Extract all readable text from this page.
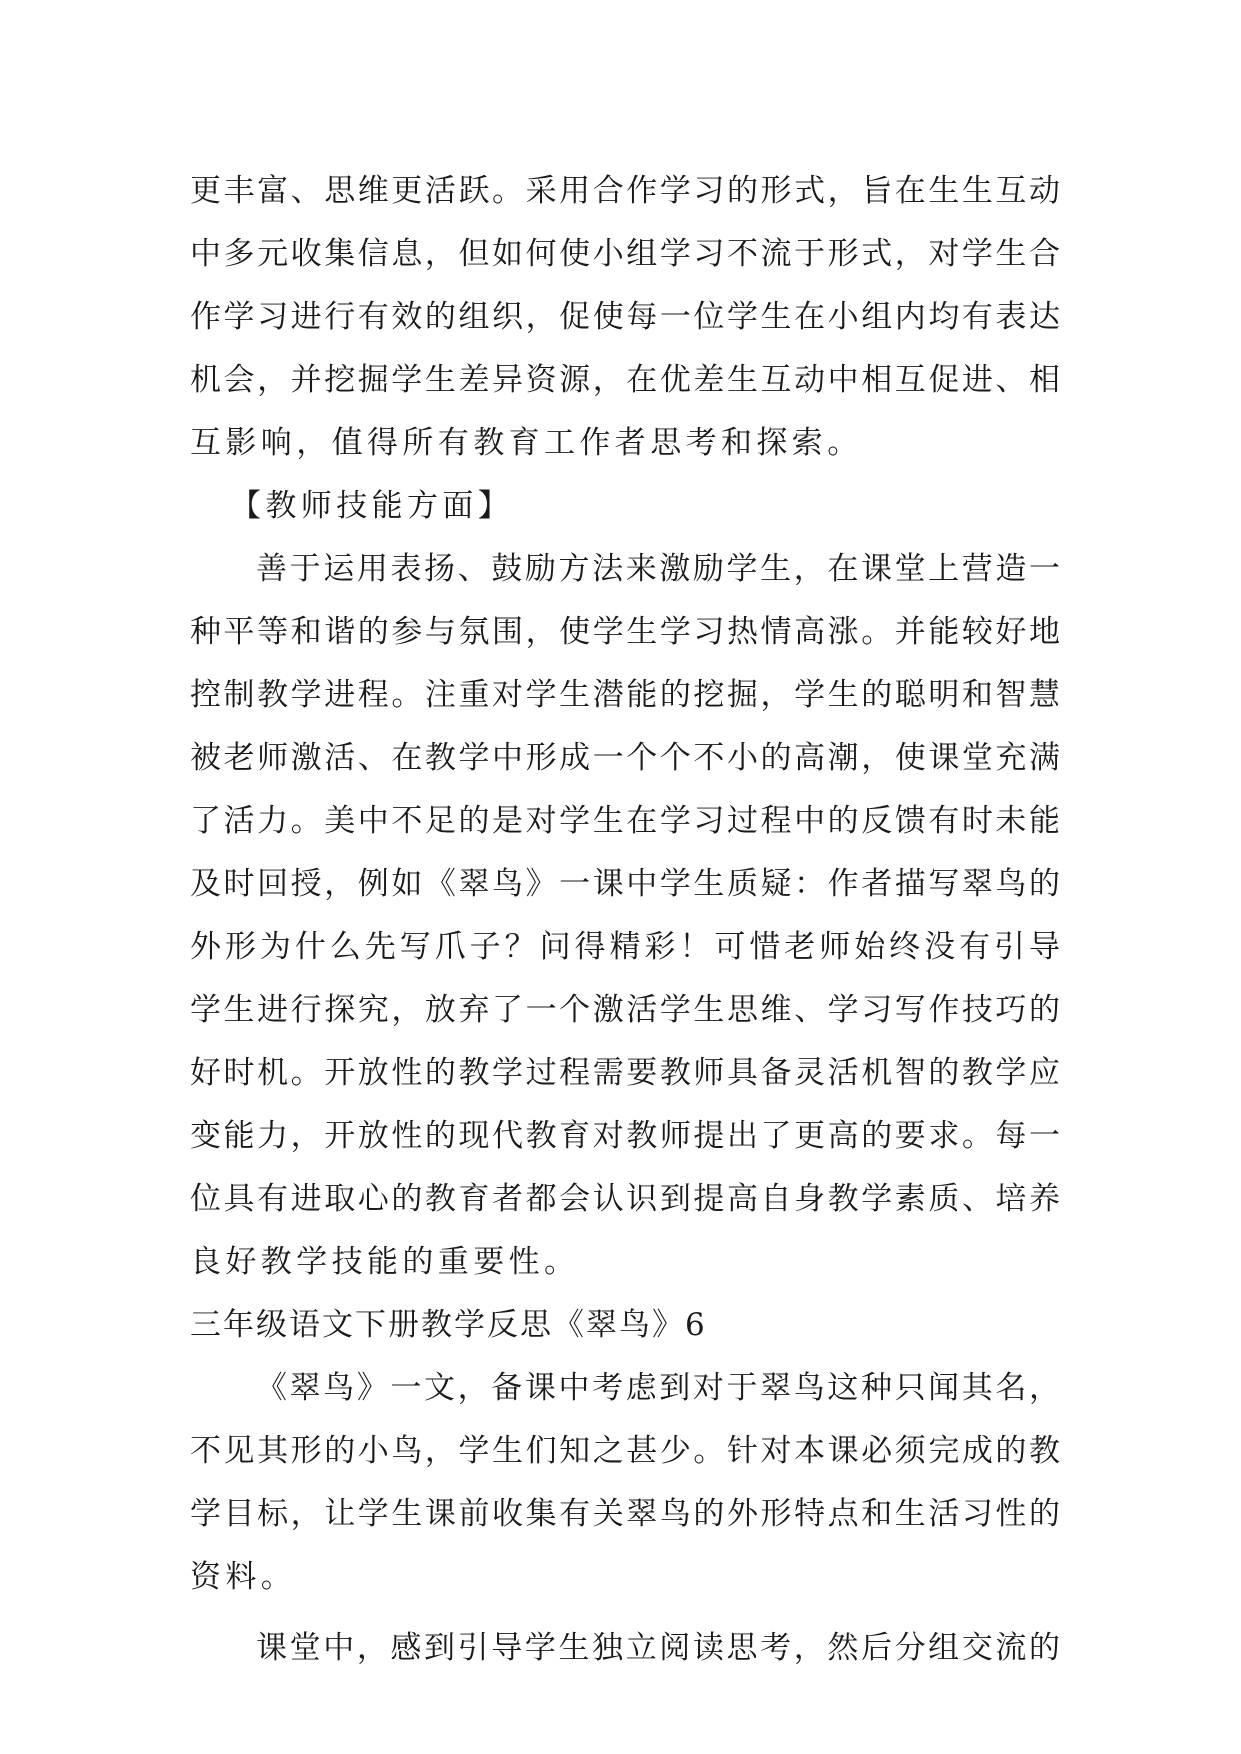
更丰富、思维更活跃。采用合作学习的形式，旨在生生互动
中多元收集信息，但如何使小组学习不流于形式，对学生合
作学习进行有效的组织，促使每一位学生在小组内均有表达
机会，并挖掘学生差异资源，在优差生互动中相互促进、相
互影响，值得所有教育工作者思考和探索。
【教师技能方面】
善于运用表扬、鼓励方法来激励学生，在课堂上营造一
种平等和谐的参与氛围，使学生学习热情高涨。并能较好地
控制教学进程。注重对学生潜能的挖掘，学生的聪明和智慧
被老师激活、在教学中形成一个个不小的高潮，使课堂充满
了活力。美中不足的是对学生在学习过程中的反馈有时未能
及时回授，例如《翠鸟》一课中学生质疑：作者描写翠鸟的
外形为什么先写爪子？问得精彩！可惜老师始终没有引导
学生进行探究，放弃了一个激活学生思维、学习写作技巧的
好时机。开放性的教学过程需要教师具备灵活机智的教学应
变能力，开放性的现代教育对教师提出了更高的要求。每一
位具有进取心的教育者都会认识到提高自身教学素质、培养
良好教学技能的重要性。
三年级语文下册教学反思《翠鸟》6
《翠鸟》一文，备课中考虑到对于翠鸟这种只闻其名，
不见其形的小鸟，学生们知之甚少。针对本课必须完成的教
学目标，让学生课前收集有关翠鸟的外形特点和生活习性的
资料。
课堂中，感到引导学生独立阅读思考，然后分组交流的
